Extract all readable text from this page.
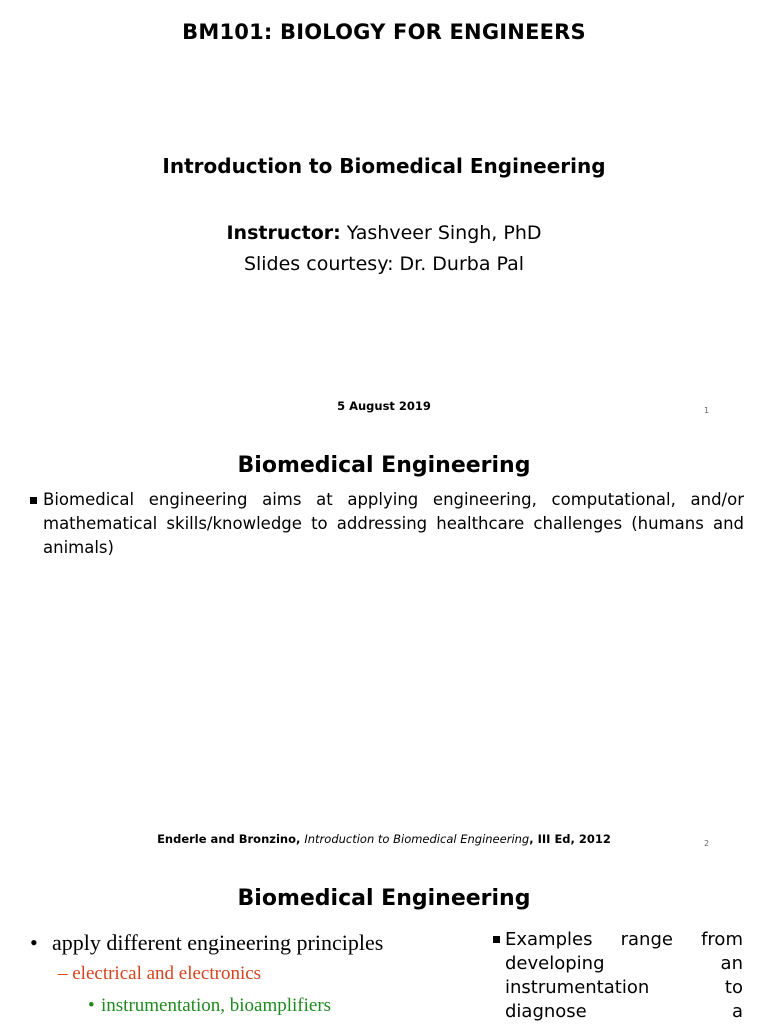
BM101: BIOLOGY FOR ENGINEERS
Introduction to Biomedical Engineering
Instructor: Yashveer Singh, PhD
Slides courtesy: Dr. Durba Pal
5 August 2019	1
Biomedical Engineering
Biomedical engineering aims at applying engineering, computational, and/or mathematical skills/knowledge to addressing healthcare challenges (humans and animals)
Enderle and Bronzino, Introduction to Biomedical Engineering, III Ed, 2012	2
Biomedical Engineering
• apply different engineering principles
– electrical and electronics
• instrumentation, bioamplifiers
Examples range from
developing	an
instrumentation	to
diagnose	a
